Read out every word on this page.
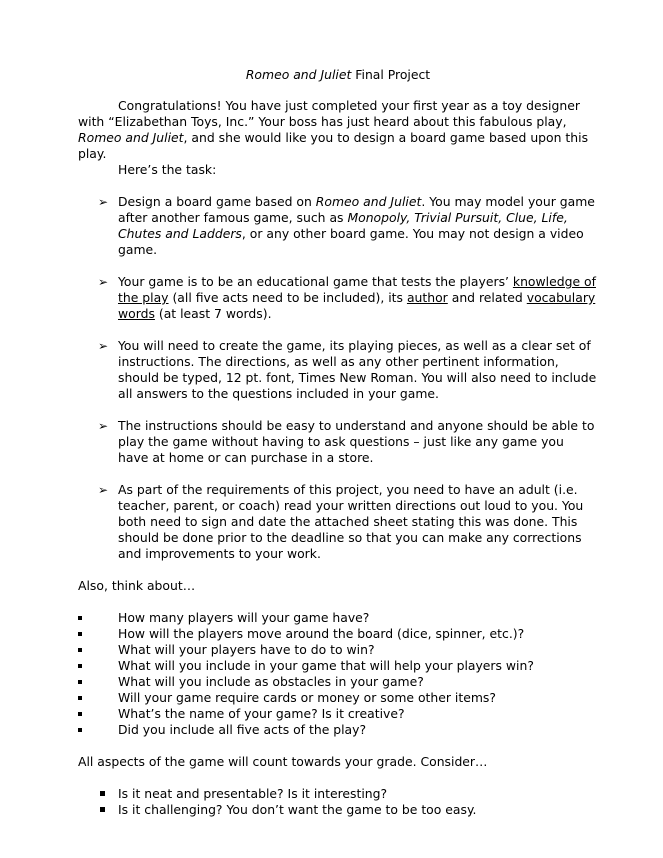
Romeo and Juliet Final Project

Congratulations! You have just completed your first year as a toy designer with “Elizabethan Toys, Inc.” Your boss has just heard about this fabulous play, Romeo and Juliet, and she would like you to design a board game based upon this play.

Here’s the task:

➢ Design a board game based on Romeo and Juliet. You may model your game after another famous game, such as Monopoly, Trivial Pursuit, Clue, Life, Chutes and Ladders, or any other board game. You may not design a video game.
➢ Your game is to be an educational game that tests the players’ knowledge of the play (all five acts need to be included), its author and related vocabulary words (at least 7 words).
➢ You will need to create the game, its playing pieces, as well as a clear set of instructions. The directions, as well as any other pertinent information, should be typed, 12 pt. font, Times New Roman. You will also need to include all answers to the questions included in your game.
➢ The instructions should be easy to understand and anyone should be able to play the game without having to ask questions – just like any game you have at home or can purchase in a store.
➢ As part of the requirements of this project, you need to have an adult (i.e. teacher, parent, or coach) read your written directions out loud to you. You both need to sign and date the attached sheet stating this was done. This should be done prior to the deadline so that you can make any corrections and improvements to your work.

Also, think about…

How many players will your game have?
How will the players move around the board (dice, spinner, etc.)?
What will your players have to do to win?
What will you include in your game that will help your players win?
What will you include as obstacles in your game?
Will your game require cards or money or some other items?
What’s the name of your game? Is it creative?
Did you include all five acts of the play?

All aspects of the game will count towards your grade. Consider…

Is it neat and presentable? Is it interesting?
Is it challenging? You don’t want the game to be too easy.
